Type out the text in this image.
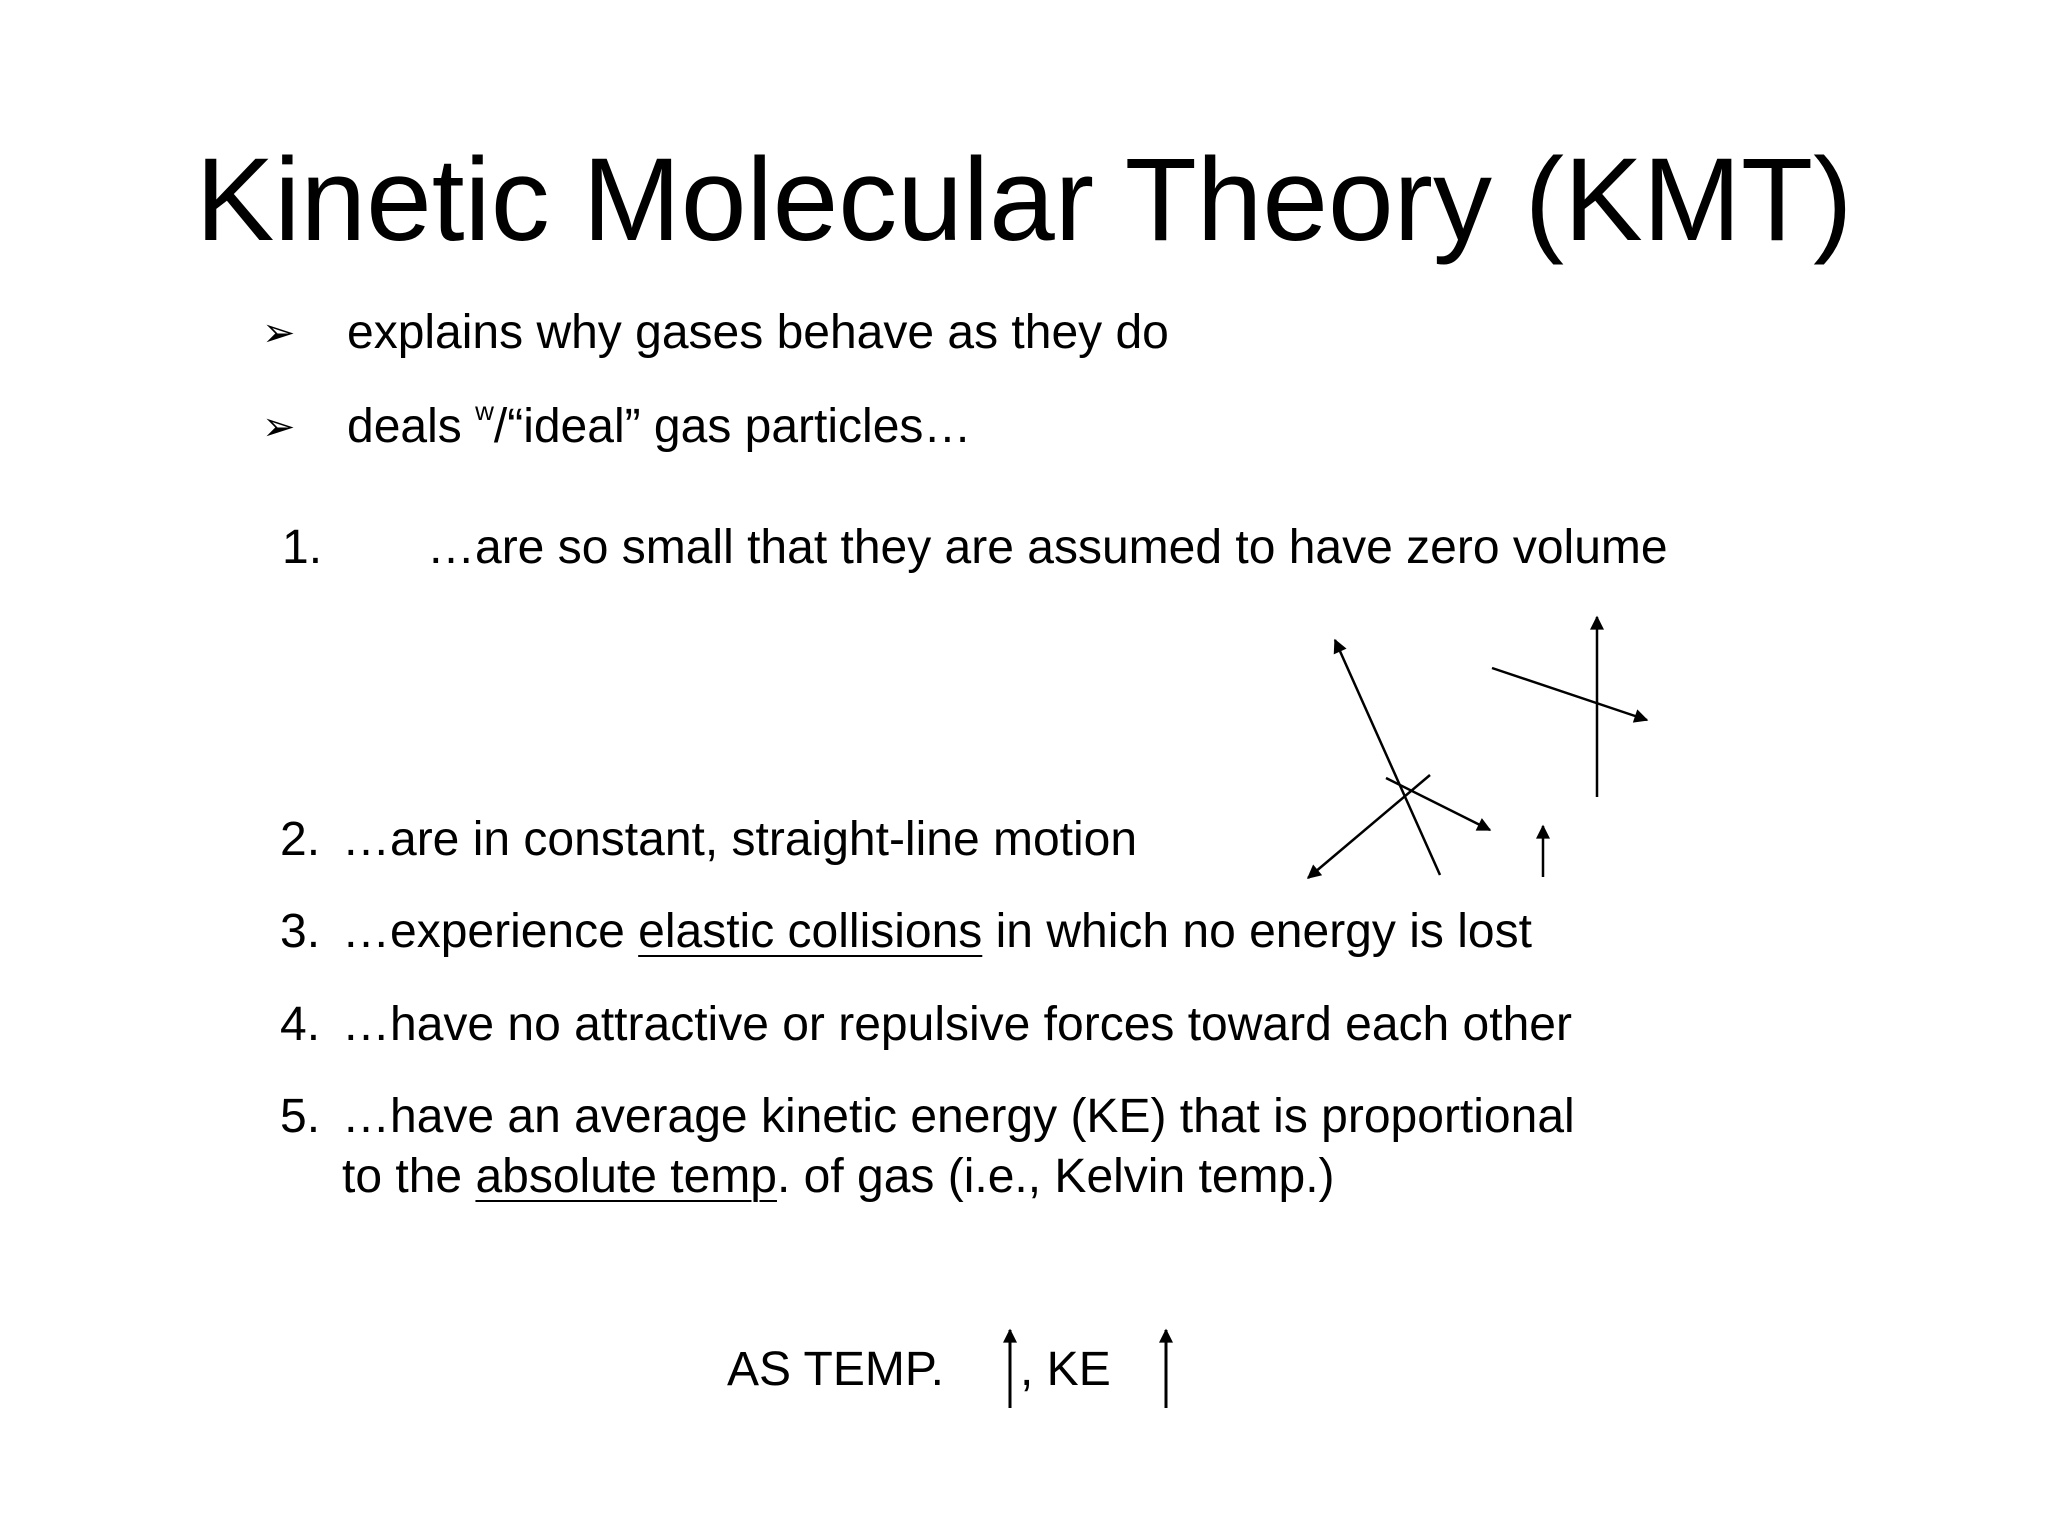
Kinetic Molecular Theory (KMT)
➢ explains why gases behave as they do
➢ deals $^w$/“ideal” gas particles…
1. …are so small that they are assumed to have zero volume
2. …are in constant, straight-line motion
3. …experience elastic collisions in which no energy is lost
4. …have no attractive or repulsive forces toward each other
5. …have an average kinetic energy (KE) that is proportional
to the absolute temp. of gas (i.e., Kelvin temp.)
AS TEMP. , KE
